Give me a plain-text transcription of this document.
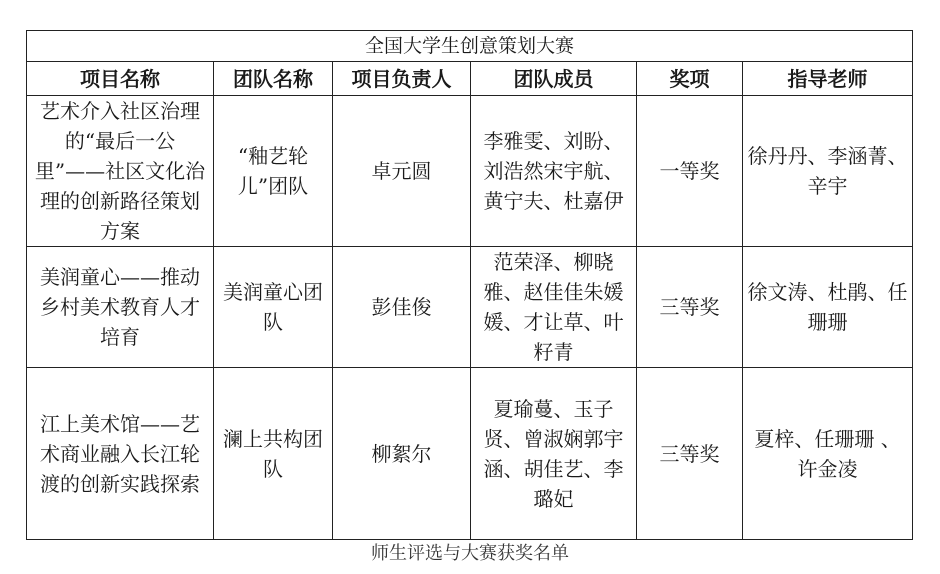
全国大学生创意策划大赛					
项目名称	团队名称	项目负责人	团队成员	奖项	指导老师
艺术介入社区治理的“最后一公里”——社区文化治理的创新路径策划方案	“釉艺轮儿”团队	卓元圆	李雅雯、刘盼、刘浩然宋宇航、黄宁夫、杜嘉伊	一等奖	徐丹丹、李涵菁、 辛宇
美润童心——推动乡村美术教育人才培育	美润童心团队	彭佳俊	范荣泽、柳晓雅、赵佳佳朱媛媛、才让草、叶籽青	三等奖	徐文涛、杜鹃、任珊珊
江上美术馆——艺术商业融入长江轮渡的创新实践探索	澜上共构团队	柳絮尔	夏瑜蔓、玉子贤、曾淑娴郭宇涵、胡佳艺、李璐妃	三等奖	夏梓、任珊珊 、许金凌
师生评选与大赛获奖名单
